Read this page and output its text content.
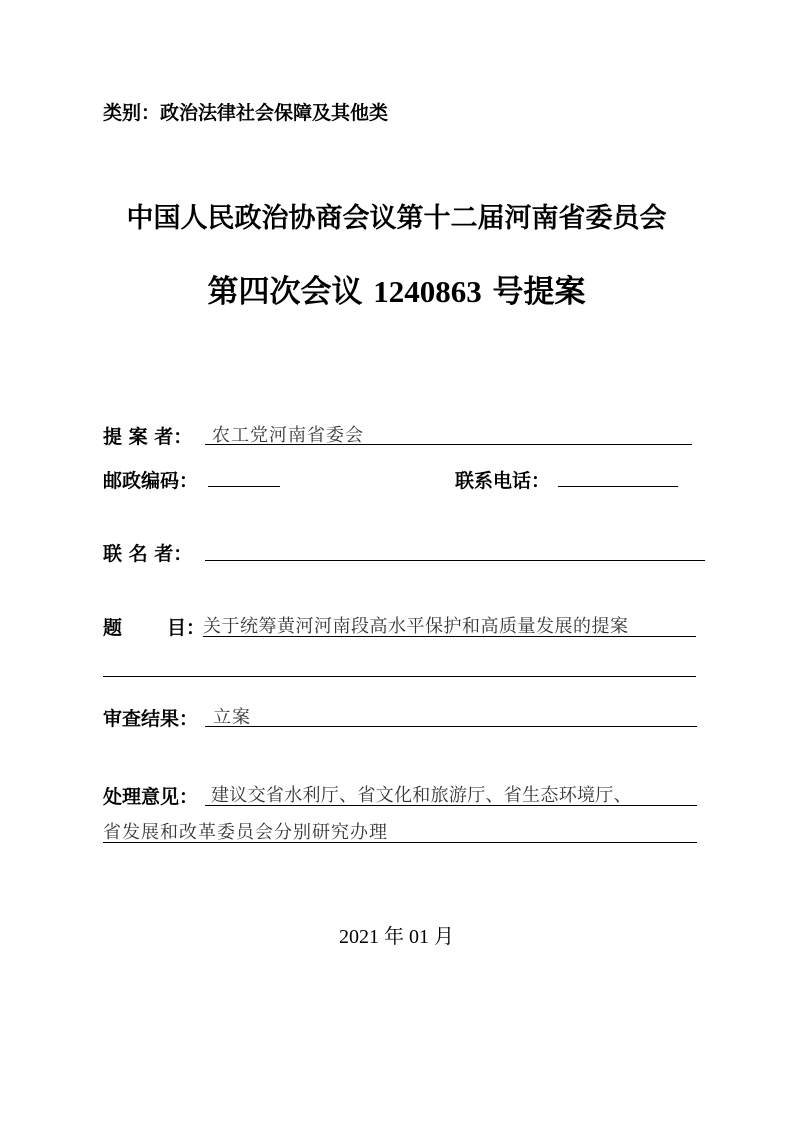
类别：政治法律社会保障及其他类
中国人民政治协商会议第十二届河南省委员会
第四次会议 1240863 号提案
提 案 者： 农工党河南省委会
邮政编码：	联系电话：
联 名 者：
题 目：
关于统筹黄河河南段高水平保护和高质量发展的提案
审查结果： 立案
处理意见： 建议交省水利厅、省文化和旅游厅、省生态环境厅、
省发展和改革委员会分别研究办理
2021 年 01 月
